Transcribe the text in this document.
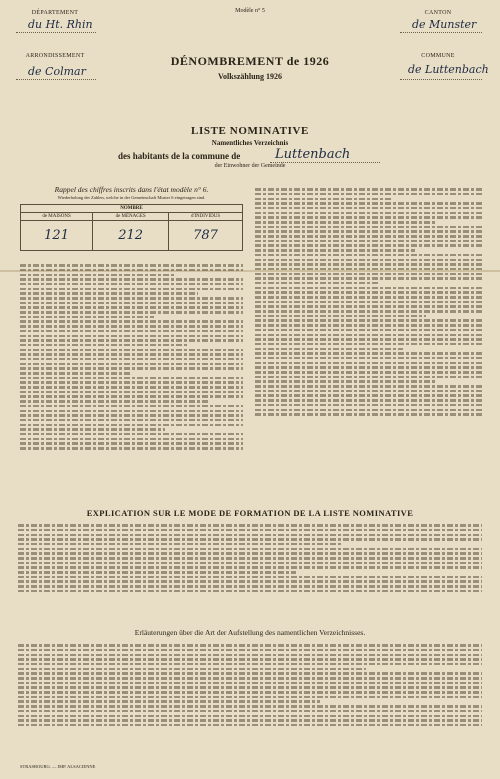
DÉPARTEMENT
du Ht. Rhin
ARRONDISSEMENT
de Colmar
CANTON
de Munster
COMMUNE
de Luttenbach
Modèle n° 5
DÉNOMBREMENT de 1926
Volkszählung 1926
LISTE NOMINATIVE
Namentliches Verzeichnis
des habitants de la commune de	Luttenbach
der Einwohner der Gemeinde
Rappel des chiffres inscrits dans l'état modèle n° 6.
Wiederholung der Zahlen, welche in der Gemeinschaft Muster 6 eingetragen sind.
NOMBRE		
de MAISONS	de MÉNAGES	d'INDIVIDUS
121	212	787
EXPLICATION SUR LE MODE DE FORMATION DE LA LISTE NOMINATIVE
Erläuterungen über die Art der Aufstellung des namentlichen Verzeichnisses.
STRASBOURG. — IMP. ALSACIENNE
